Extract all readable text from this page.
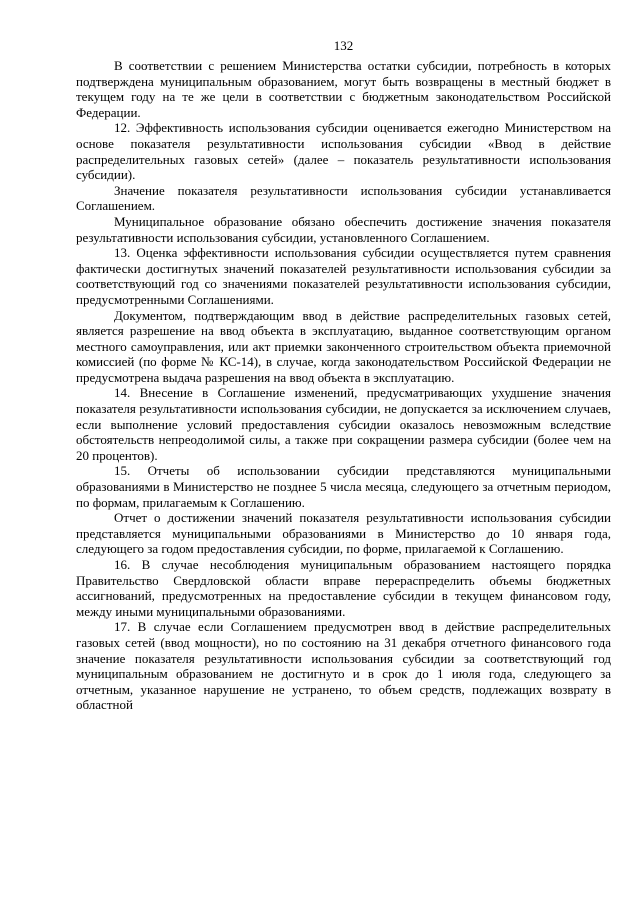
132

В соответствии с решением Министерства остатки субсидии, потребность в которых подтверждена муниципальным образованием, могут быть возвращены в местный бюджет в текущем году на те же цели в соответствии с бюджетным законодательством Российской Федерации.

12. Эффективность использования субсидии оценивается ежегодно Министерством на основе показателя результативности использования субсидии «Ввод в действие распределительных газовых сетей» (далее – показатель результативности использования субсидии).

Значение показателя результативности использования субсидии устанавливается Соглашением.

Муниципальное образование обязано обеспечить достижение значения показателя результативности использования субсидии, установленного Соглашением.

13. Оценка эффективности использования субсидии осуществляется путем сравнения фактически достигнутых значений показателей результативности использования субсидии за соответствующий год со значениями показателей результативности использования субсидии, предусмотренными Соглашениями.

Документом, подтверждающим ввод в действие распределительных газовых сетей, является разрешение на ввод объекта в эксплуатацию, выданное соответствующим органом местного самоуправления, или акт приемки законченного строительством объекта приемочной комиссией (по форме № КС-14), в случае, когда законодательством Российской Федерации не предусмотрена выдача разрешения на ввод объекта в эксплуатацию.

14. Внесение в Соглашение изменений, предусматривающих ухудшение значения показателя результативности использования субсидии, не допускается за исключением случаев, если выполнение условий предоставления субсидии оказалось невозможным вследствие обстоятельств непреодолимой силы, а также при сокращении размера субсидии (более чем на 20 процентов).

15. Отчеты об использовании субсидии представляются муниципальными образованиями в Министерство не позднее 5 числа месяца, следующего за отчетным периодом, по формам, прилагаемым к Соглашению.

Отчет о достижении значений показателя результативности использования субсидии представляется муниципальными образованиями в Министерство до 10 января года, следующего за годом предоставления субсидии, по форме, прилагаемой к Соглашению.

16. В случае несоблюдения муниципальным образованием настоящего порядка Правительство Свердловской области вправе перераспределить объемы бюджетных ассигнований, предусмотренных на предоставление субсидии в текущем финансовом году, между иными муниципальными образованиями.

17. В случае если Соглашением предусмотрен ввод в действие распределительных газовых сетей (ввод мощности), но по состоянию на 31 декабря отчетного финансового года значение показателя результативности использования субсидии за соответствующий год муниципальным образованием не достигнуто и в срок до 1 июля года, следующего за отчетным, указанное нарушение не устранено, то объем средств, подлежащих возврату в областной
